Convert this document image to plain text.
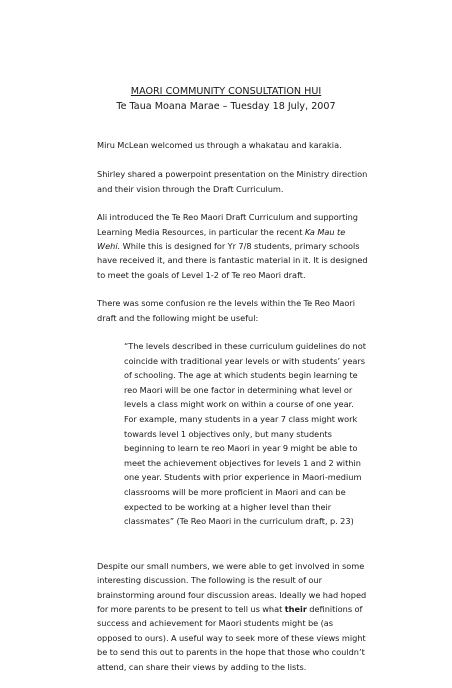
MAORI COMMUNITY CONSULTATION HUI
Te Taua Moana Marae – Tuesday 18 July, 2007

Miru McLean welcomed us through a whakatau and karakia.

Shirley shared a powerpoint presentation on the Ministry direction and their vision through the Draft Curriculum.

Ali introduced the Te Reo Maori Draft Curriculum and supporting Learning Media Resources, in particular the recent Ka Mau te Wehi. While this is designed for Yr 7/8 students, primary schools have received it, and there is fantastic material in it. It is designed to meet the goals of Level 1-2 of Te reo Maori draft.

There was some confusion re the levels within the Te Reo Maori draft and the following might be useful:

“The levels described in these curriculum guidelines do not coincide with traditional year levels or with students’ years of schooling. The age at which students begin learning te reo Maori will be one factor in determining what level or levels a class might work on within a course of one year. For example, many students in a year 7 class might work towards level 1 objectives only, but many students beginning to learn te reo Maori in year 9 might be able to meet the achievement objectives for levels 1 and 2 within one year. Students with prior experience in Maori-medium classrooms will be more proficient in Maori and can be expected to be working at a higher level than their classmates” (Te Reo Maori in the curriculum draft, p. 23)

Despite our small numbers, we were able to get involved in some interesting discussion. The following is the result of our brainstorming around four discussion areas. Ideally we had hoped for more parents to be present to tell us what their definitions of success and achievement for Maori students might be (as opposed to ours). A useful way to seek more of these views might be to send this out to parents in the hope that those who couldn’t attend, can share their views by adding to the lists.
